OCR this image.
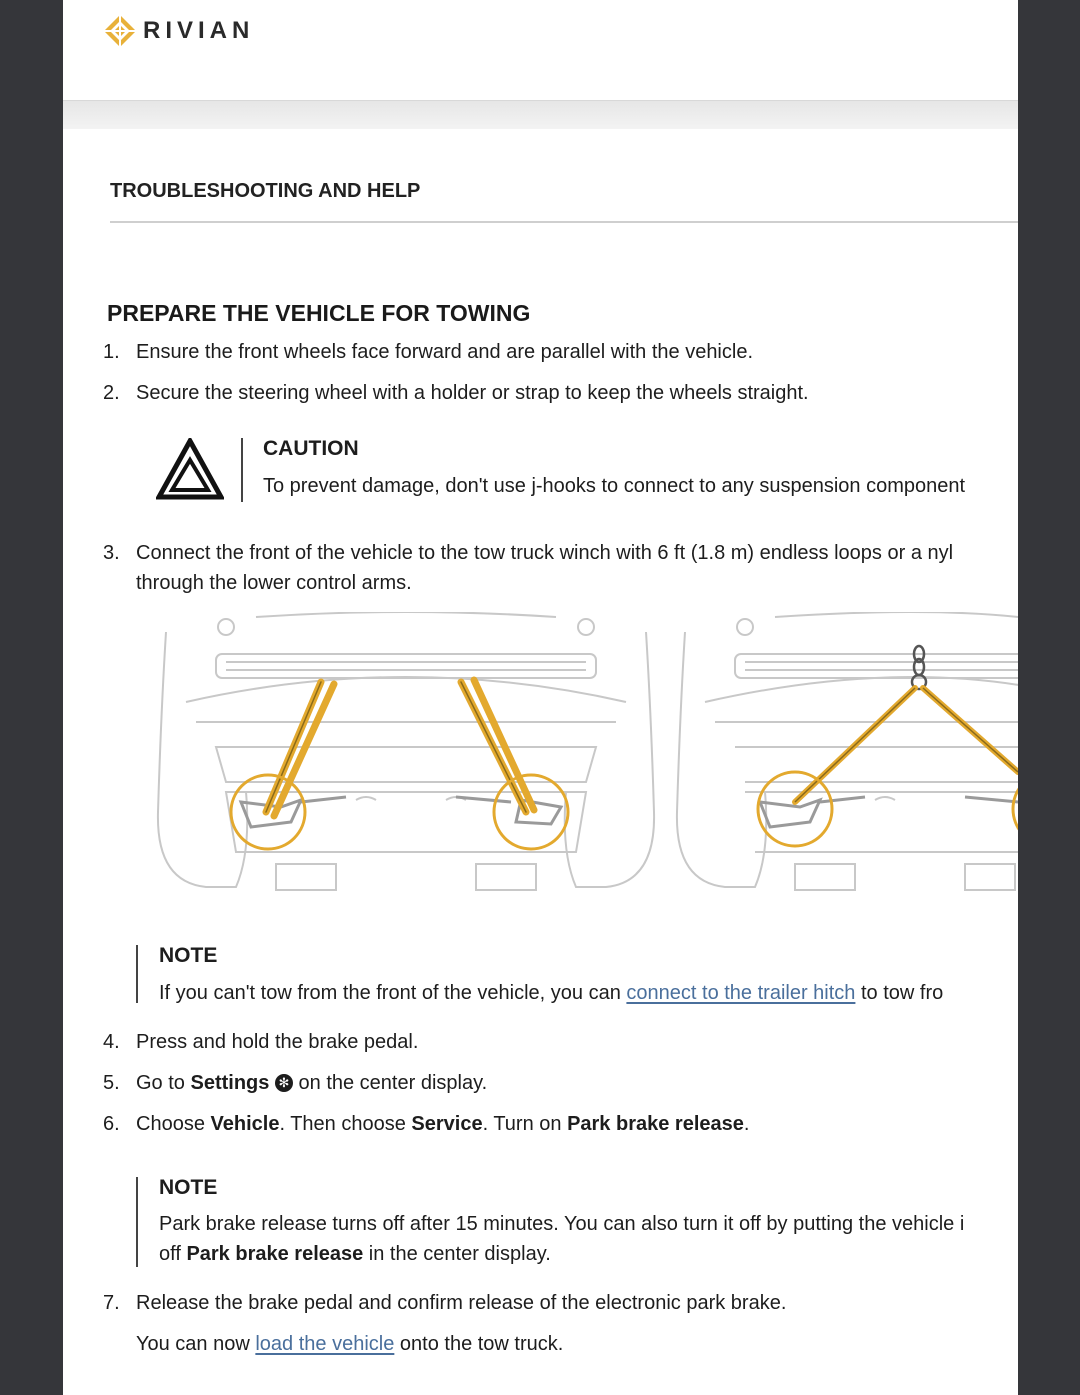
RIVIAN
TROUBLESHOOTING AND HELP
PREPARE THE VEHICLE FOR TOWING
1. Ensure the front wheels face forward and are parallel with the vehicle.
2. Secure the steering wheel with a holder or strap to keep the wheels straight.
CAUTION
To prevent damage, don't use j-hooks to connect to any suspension component
3. Connect the front of the vehicle to the tow truck winch with 6 ft (1.8 m) endless loops or a nyl
through the lower control arms.
NOTE
If you can't tow from the front of the vehicle, you can connect to the trailer hitch to tow fro
4. Press and hold the brake pedal.
5. Go to Settings ✻ on the center display.
6. Choose Vehicle. Then choose Service. Turn on Park brake release.
NOTE
Park brake release turns off after 15 minutes. You can also turn it off by putting the vehicle i
off Park brake release in the center display.
7. Release the brake pedal and confirm release of the electronic park brake.
You can now load the vehicle onto the tow truck.
